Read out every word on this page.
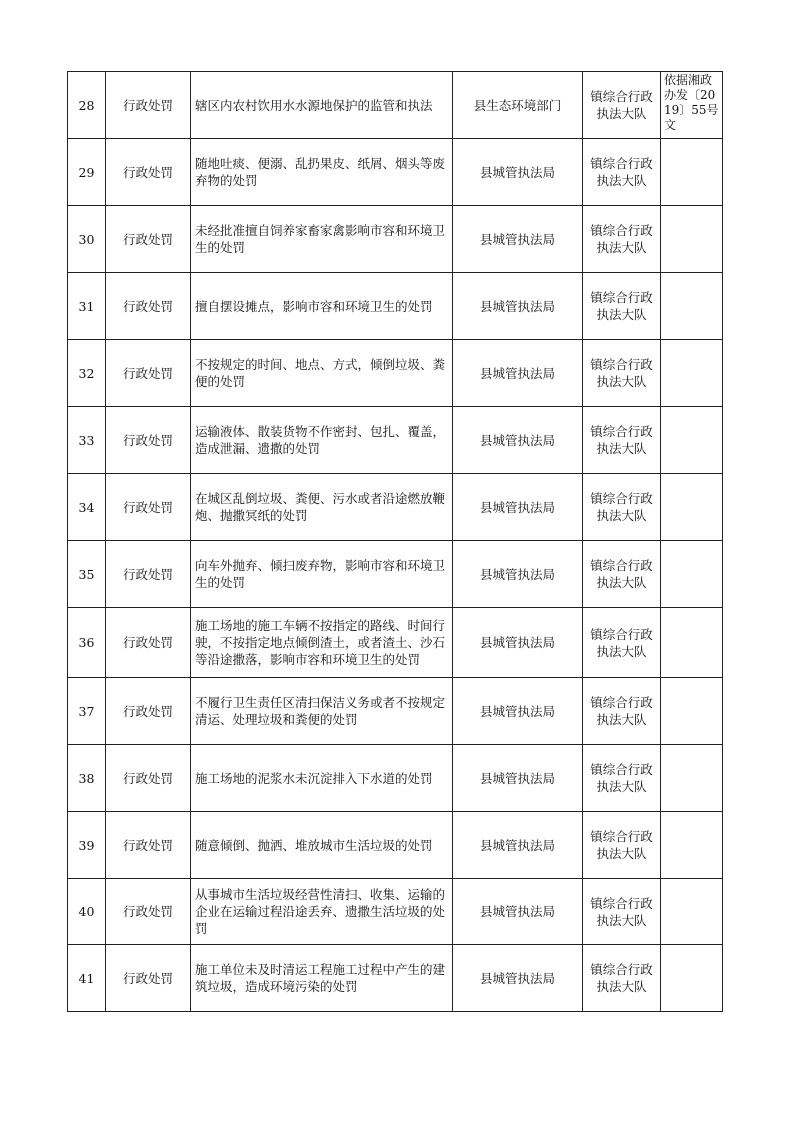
28	行政处罚	辖区内农村饮用水水源地保护的监管和执法	县生态环境部门	镇综合行政执法大队	依据湘政办发〔2019〕55号文
29	行政处罚	随地吐痰、便溺、乱扔果皮、纸屑、烟头等废弃物的处罚	县城管执法局	镇综合行政执法大队	
30	行政处罚	未经批准擅自饲养家畜家禽影响市容和环境卫生的处罚	县城管执法局	镇综合行政执法大队	
31	行政处罚	擅自摆设摊点，影响市容和环境卫生的处罚	县城管执法局	镇综合行政执法大队	
32	行政处罚	不按规定的时间、地点、方式，倾倒垃圾、粪便的处罚	县城管执法局	镇综合行政执法大队	
33	行政处罚	运输液体、散装货物不作密封、包扎、覆盖，造成泄漏、遗撒的处罚	县城管执法局	镇综合行政执法大队	
34	行政处罚	在城区乱倒垃圾、粪便、污水或者沿途燃放鞭炮、抛撒冥纸的处罚	县城管执法局	镇综合行政执法大队	
35	行政处罚	向车外抛弃、倾扫废弃物，影响市容和环境卫生的处罚	县城管执法局	镇综合行政执法大队	
36	行政处罚	施工场地的施工车辆不按指定的路线、时间行驶，不按指定地点倾倒渣土，或者渣土、沙石等沿途撒落，影响市容和环境卫生的处罚	县城管执法局	镇综合行政执法大队	
37	行政处罚	不履行卫生责任区清扫保洁义务或者不按规定清运、处理垃圾和粪便的处罚	县城管执法局	镇综合行政执法大队	
38	行政处罚	施工场地的泥浆水未沉淀排入下水道的处罚	县城管执法局	镇综合行政执法大队	
39	行政处罚	随意倾倒、抛洒、堆放城市生活垃圾的处罚	县城管执法局	镇综合行政执法大队	
40	行政处罚	从事城市生活垃圾经营性清扫、收集、运输的企业在运输过程沿途丢弃、遗撒生活垃圾的处罚	县城管执法局	镇综合行政执法大队	
41	行政处罚	施工单位未及时清运工程施工过程中产生的建筑垃圾，造成环境污染的处罚	县城管执法局	镇综合行政执法大队	
